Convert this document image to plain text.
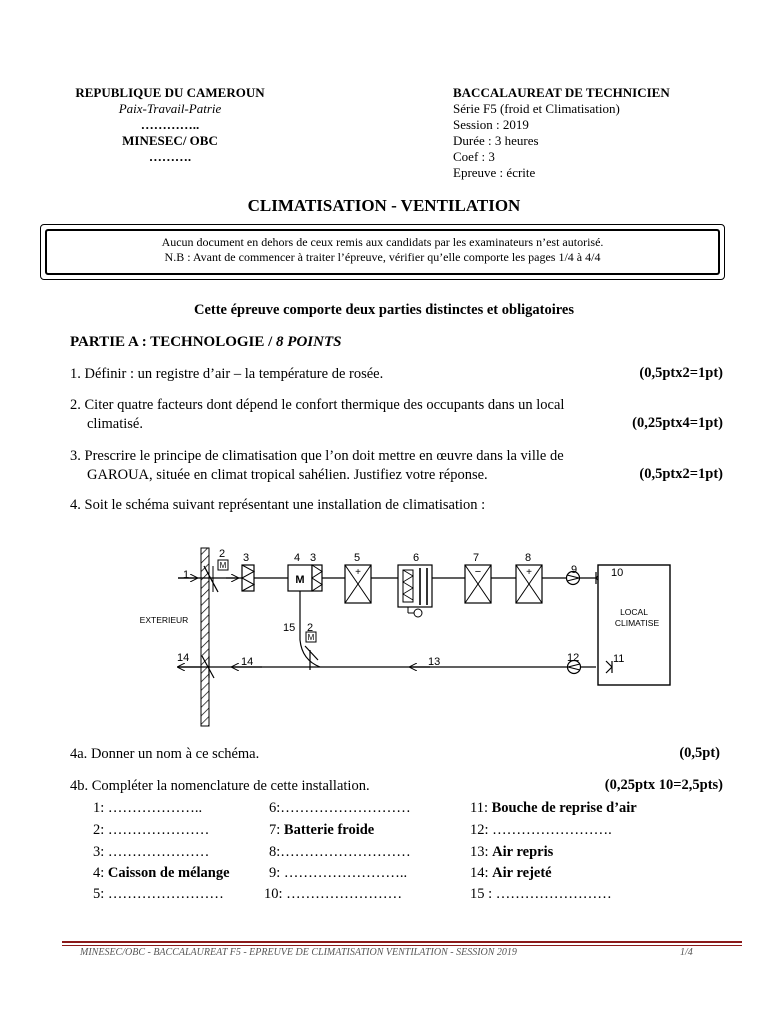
REPUBLIQUE DU CAMEROUN
Paix-Travail-Patrie
…………..
MINESEC/ OBC
……….
BACCALAUREAT DE TECHNICIEN
Série F5 (froid et Climatisation)
Session : 2019
Durée : 3 heures
Coef : 3
Epreuve : écrite
CLIMATISATION - VENTILATION
Aucun document en dehors de ceux remis aux candidats par les examinateurs n’est autorisé.
N.B : Avant de commencer à traiter l’épreuve, vérifier qu’elle comporte les pages 1/4 à 4/4
Cette épreuve comporte deux parties distinctes et obligatoires
PARTIE A : TECHNOLOGIE / 8 POINTS
1. Définir : un registre d’air – la température de rosée.	(0,5ptx2=1pt)
2. Citer quatre facteurs dont dépend le confort thermique des occupants dans un local
climatisé.	(0,25ptx4=1pt)
3. Prescrire le principe de climatisation que l’on doit mettre en œuvre dans la ville de
GAROUA, située en climat tropical sahélien. Justifiez votre réponse.	(0,5ptx2=1pt)
4. Soit le schéma suivant représentant une installation de climatisation :
M
M
+	−	+
LOCAL
CLIMATISE
M
EXTERIEUR
1
2 3	4 3	5	6	7	8
9	10
15 2
14	14	13	12	11
4a. Donner un nom à ce schéma.	(0,5pt)
4b. Compléter la nomenclature de cette installation.	(0,25ptx 10=2,5pts)
1: ………………..
2: …………………
3: …………………
4: Caisson de mélange
5: ……………………
6:………………………
7: Batterie froide
8:………………………
9: ……………………..
10: ……………………
11: Bouche de reprise d’air
12: …………………….
13: Air repris
14: Air rejeté
15 : ……………………
MINESEC/OBC - BACCALAUREAT F5 - EPREUVE DE CLIMATISATION VENTILATION - SESSION 2019	1/4
